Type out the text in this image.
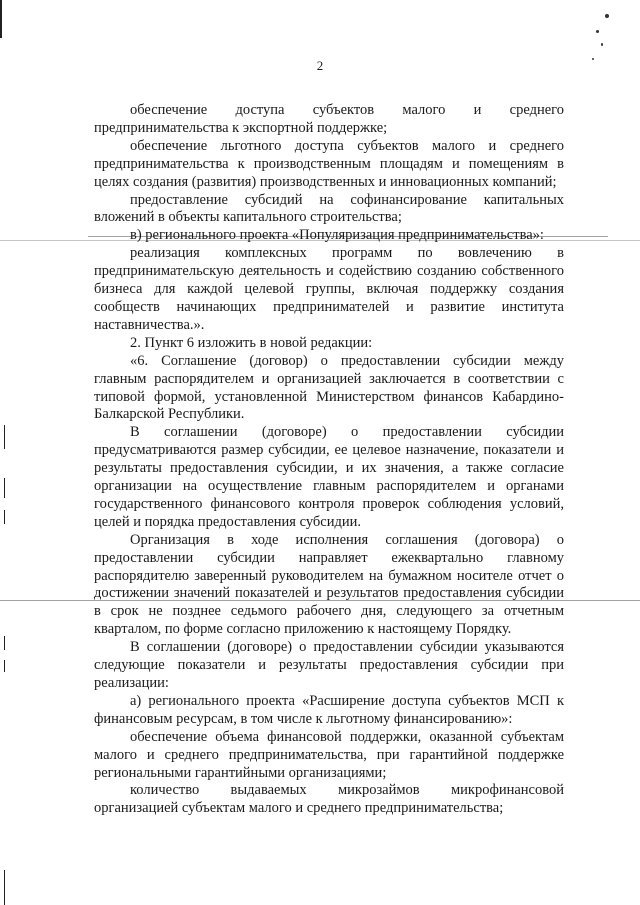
2

обеспечение доступа субъектов малого и среднего предпринимательства к экспортной поддержке;

обеспечение льготного доступа субъектов малого и среднего предпринимательства к производственным площадям и помещениям в целях создания (развития) производственных и инновационных компаний;

предоставление субсидий на софинансирование капитальных вложений в объекты капитального строительства;

в) регионального проекта «Популяризация предпринимательства»:

реализация комплексных программ по вовлечению в предпринимательскую деятельность и содействию созданию собственного бизнеса для каждой целевой группы, включая поддержку создания сообществ начинающих предпринимателей и развитие института наставничества.».

2. Пункт 6 изложить в новой редакции:

«6. Соглашение (договор) о предоставлении субсидии между главным распорядителем и организацией заключается в соответствии с типовой формой, установленной Министерством финансов Кабардино-Балкарской Республики.

В соглашении (договоре) о предоставлении субсидии предусматриваются размер субсидии, ее целевое назначение, показатели и результаты предоставления субсидии, и их значения, а также согласие организации на осуществление главным распорядителем и органами государственного финансового контроля проверок соблюдения условий, целей и порядка предоставления субсидии.

Организация в ходе исполнения соглашения (договора) о предоставлении субсидии направляет ежеквартально главному распорядителю заверенный руководителем на бумажном носителе отчет о достижении значений показателей и результатов предоставления субсидии в срок не позднее седьмого рабочего дня, следующего за отчетным кварталом, по форме согласно приложению к настоящему Порядку.

В соглашении (договоре) о предоставлении субсидии указываются следующие показатели и результаты предоставления субсидии при реализации:

а) регионального проекта «Расширение доступа субъектов МСП к финансовым ресурсам, в том числе к льготному финансированию»:

обеспечение объема финансовой поддержки, оказанной субъектам малого и среднего предпринимательства, при гарантийной поддержке региональными гарантийными организациями;

количество выдаваемых микрозаймов микрофинансовой организацией субъектам малого и среднего предпринимательства;
